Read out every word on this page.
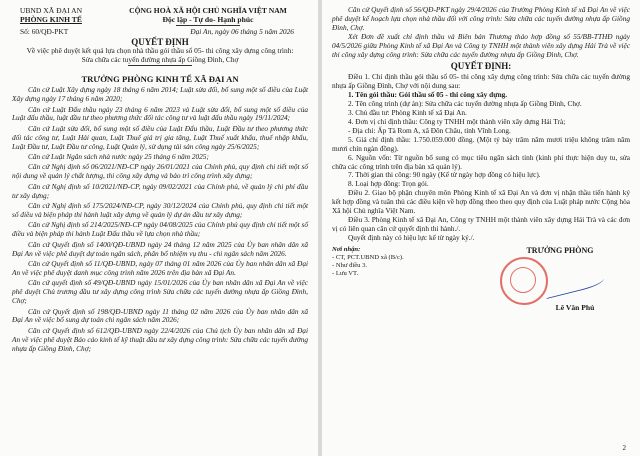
UBND XÃ ĐẠI AN
PHÒNG KINH TẾ
CỘNG HOÀ XÃ HỘI CHỦ NGHĨA VIỆT NAM
Độc lập - Tự do- Hạnh phúc
Số: 60/QĐ-PKT	Đại An, ngày 06 tháng 5 năm 2026
QUYẾT ĐỊNH
Về việc phê duyệt kết quả lựa chọn nhà thầu gói thầu số 05- thi công xây dựng công trình:
Sửa chữa các tuyến đường nhựa ấp Giồng Đình, Chợ
TRƯỞNG PHÒNG KINH TẾ XÃ ĐẠI AN

Căn cứ Luật Xây dựng ngày 18 tháng 6 năm 2014; Luật sửa đổi, bổ sung một số điều của Luật Xây dựng ngày 17 tháng 6 năm 2020;

Căn cứ Luật Đấu thầu ngày 23 tháng 6 năm 2023 và Luật sửa đổi, bổ sung một số điều của Luật đấu thầu, luật đầu tư theo phương thức đối tác công tư và luật đấu thầu ngày 19/11/2024;

Căn cứ Luật sửa đổi, bổ sung một số điều của Luật Đấu thầu, Luật Đầu tư theo phương thức đối tác công tư, Luật Hải quan, Luật Thuế giá trị gia tăng, Luật Thuế xuất khẩu, thuế nhập khẩu, Luật Đầu tư, Luật Đầu tư công, Luật Quản lý, sử dụng tài sản công ngày 25/6/2025;

Căn cứ Luật Ngân sách nhà nước ngày 25 tháng 6 năm 2025;

Căn cứ Nghị định số 06/2021/NĐ-CP ngày 26/01/2021 của Chính phủ, quy định chi tiết một số nội dung về quản lý chất lượng, thi công xây dựng và bảo trì công trình xây dựng;

Căn cứ Nghị định số 10/2021/NĐ-CP, ngày 09/02/2021 của Chính phủ, về quản lý chi phí đầu tư xây dựng;

Căn cứ Nghị định số 175/2024/NĐ-CP, ngày 30/12/2024 của Chính phủ, quy định chi tiết một số điều và biện pháp thi hành luật xây dựng về quản lý dự án đầu tư xây dựng;

Căn cứ Nghị định số 214/2025/NĐ-CP ngày 04/08/2025 của Chính phủ quy định chi tiết một số điều và biện pháp thi hành Luật Đấu thầu về lựa chọn nhà thầu;

Căn cứ Quyết định số 1400/QĐ-UBND ngày 24 tháng 12 năm 2025 của Ủy ban nhân dân xã Đại An về việc phê duyệt dự toán ngân sách, phân bổ nhiệm vụ thu - chi ngân sách năm 2026.

Căn cứ Quyết định số 11/QĐ-UBND, ngày 07 tháng 01 năm 2026 của Ủy ban nhân dân xã Đại An về việc phê duyệt danh mục công trình năm 2026 trên địa bàn xã Đại An.

Căn cứ quyết định số 49/QĐ-UBND ngày 15/01/2026 của Ủy ban nhân dân xã Đại An về việc phê duyệt Chủ trương đầu tư xây dựng công trình Sửa chữa các tuyến đường nhựa ấp Giồng Đình, Chợ;

Căn cứ Quyết định số 198/QĐ-UBND ngày 11 tháng 02 năm 2026 của Ủy ban nhân dân xã Đại An về việc bổ sung dự toán chi ngân sách năm 2026;

Căn cứ Quyết định số 612/QĐ-UBND ngày 22/4/2026 của Chủ tịch Ủy ban nhân dân xã Đại An về việc phê duyệt Báo cáo kinh tế kỹ thuật đầu tư xây dựng công trình: Sửa chữa các tuyến đường nhựa ấp Giồng Đình, Chợ;

Căn cứ Quyết định số 56/QĐ-PKT ngày 29/4/2026 của Trưởng Phòng Kinh tế xã Đại An về việc phê duyệt kế hoạch lựa chọn nhà thầu đối với công trình: Sửa chữa các tuyến đường nhựa ấp Giồng Đình, Chợ.

Xét Đơn đề xuất chỉ định thầu và Biên bản Thương thảo hợp đồng số 55/BB-TTHĐ ngày 04/5/2026 giữa Phòng Kinh tế xã Đại An và Công ty TNHH một thành viên xây dựng Hải Trà về việc thi công xây dựng công trình: Sửa chữa các tuyến đường nhựa ấp Giồng Đình, Chợ.

QUYẾT ĐỊNH:

Điều 1. Chỉ định thầu gói thầu số 05- thi công xây dựng công trình: Sửa chữa các tuyến đường nhựa ấp Giồng Đình, Chợ với nội dung sau:

1. Tên gói thầu: Gói thầu số 05 - thi công xây dựng.

2. Tên công trình (dự án): Sửa chữa các tuyến đường nhựa ấp Giồng Đình, Chợ.

3. Chủ đầu tư: Phòng Kinh tế xã Đại An.

4. Đơn vị chỉ định thầu: Công ty TNHH một thành viên xây dựng Hải Trà;

- Địa chỉ: Ấp Tà Rom A, xã Đôn Châu, tỉnh Vĩnh Long.

5. Giá chỉ định thầu: 1.750.059.000 đồng. (Một tỷ bảy trăm năm mươi triệu không trăm năm mươi chín ngàn đồng).

6. Nguồn vốn: Từ nguồn bổ sung có mục tiêu ngân sách tỉnh (kinh phí thực hiện duy tu, sửa chữa các công trình trên địa bàn xã quản lý).

7. Thời gian thi công: 90 ngày (Kể từ ngày hợp đồng có hiệu lực).

8. Loại hợp đồng: Trọn gói.

Điều 2. Giao bộ phận chuyên môn Phòng Kinh tế xã Đại An và đơn vị nhận thầu tiến hành ký kết hợp đồng và tuân thủ các điều kiện về hợp đồng theo theo quy định của Luật pháp nước Cộng hòa Xã hội Chủ nghĩa Việt Nam.

Điều 3. Phòng Kinh tế xã Đại An, Công ty TNHH một thành viên xây dựng Hải Trà và các đơn vị có liên quan căn cứ quyết định thi hành./.

Quyết định này có hiệu lực kể từ ngày ký./.

Nơi nhận:
- CT, PCT.UBND xã (B/c).
- Như điều 3.
- Lưu VT.
TRƯỞNG PHÒNG
Lê Văn Phú
2
